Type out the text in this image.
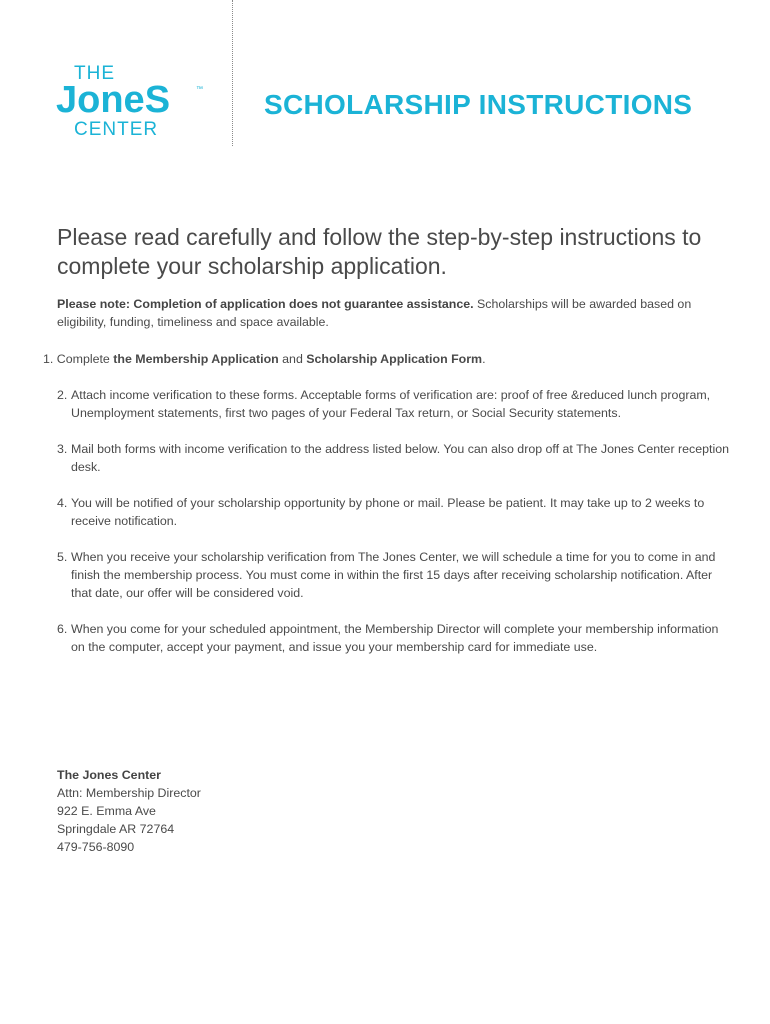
THE
JoneS	™
CENTER
SCHOLARSHIP INSTRUCTIONS

Please read carefully and follow the step-by-step instructions to complete your scholarship application.

Please note: Completion of application does not guarantee assistance. Scholarships will be awarded based on eligibility, funding, timeliness and space available.

1. Complete the Membership Application and Scholarship Application Form.
2. Attach income verification to these forms. Acceptable forms of verification are: proof of free &reduced lunch program, Unemployment statements, first two pages of your Federal Tax return, or Social Security statements.
3. Mail both forms with income verification to the address listed below. You can also drop off at The Jones Center reception desk.
4. You will be notified of your scholarship opportunity by phone or mail. Please be patient. It may take up to 2 weeks to receive notification.
5. When you receive your scholarship verification from The Jones Center, we will schedule a time for you to come in and finish the membership process. You must come in within the first 15 days after receiving scholarship notification. After that date, our offer will be considered void.
6. When you come for your scheduled appointment, the Membership Director will complete your membership information on the computer, accept your payment, and issue you your membership card for immediate use.
The Jones Center
Attn: Membership Director
922 E. Emma Ave
Springdale AR 72764
479-756-8090
